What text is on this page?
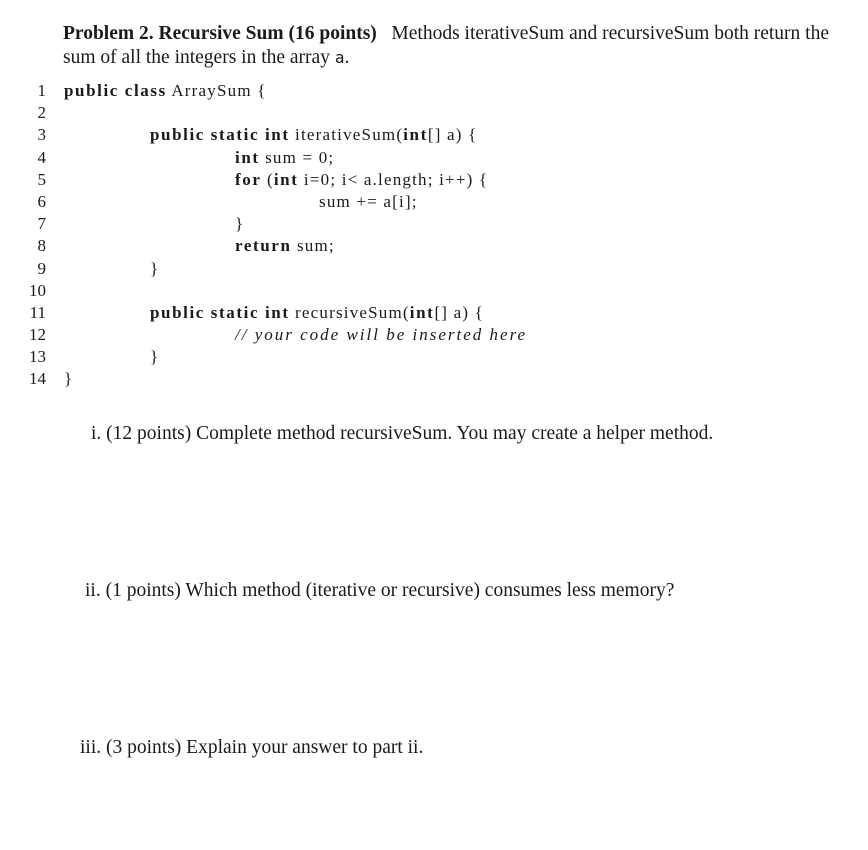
Problem 2. Recursive Sum (16 points) Methods iterativeSum and recursiveSum both return the sum of all the integers in the array a.
1 public class ArraySum {
2
3	public static int iterativeSum(int[] a) {
4	int sum = 0;
5	for (int i=0; i< a.length; i++) {
6	sum += a[i];
7	}
8	return sum;
9	}
10
11	public static int recursiveSum(int[] a) {
12	// your code will be inserted here
13	}
14 }
i. (12 points) Complete method recursiveSum. You may create a helper method.
ii. (1 points) Which method (iterative or recursive) consumes less memory?
iii. (3 points) Explain your answer to part ii.
